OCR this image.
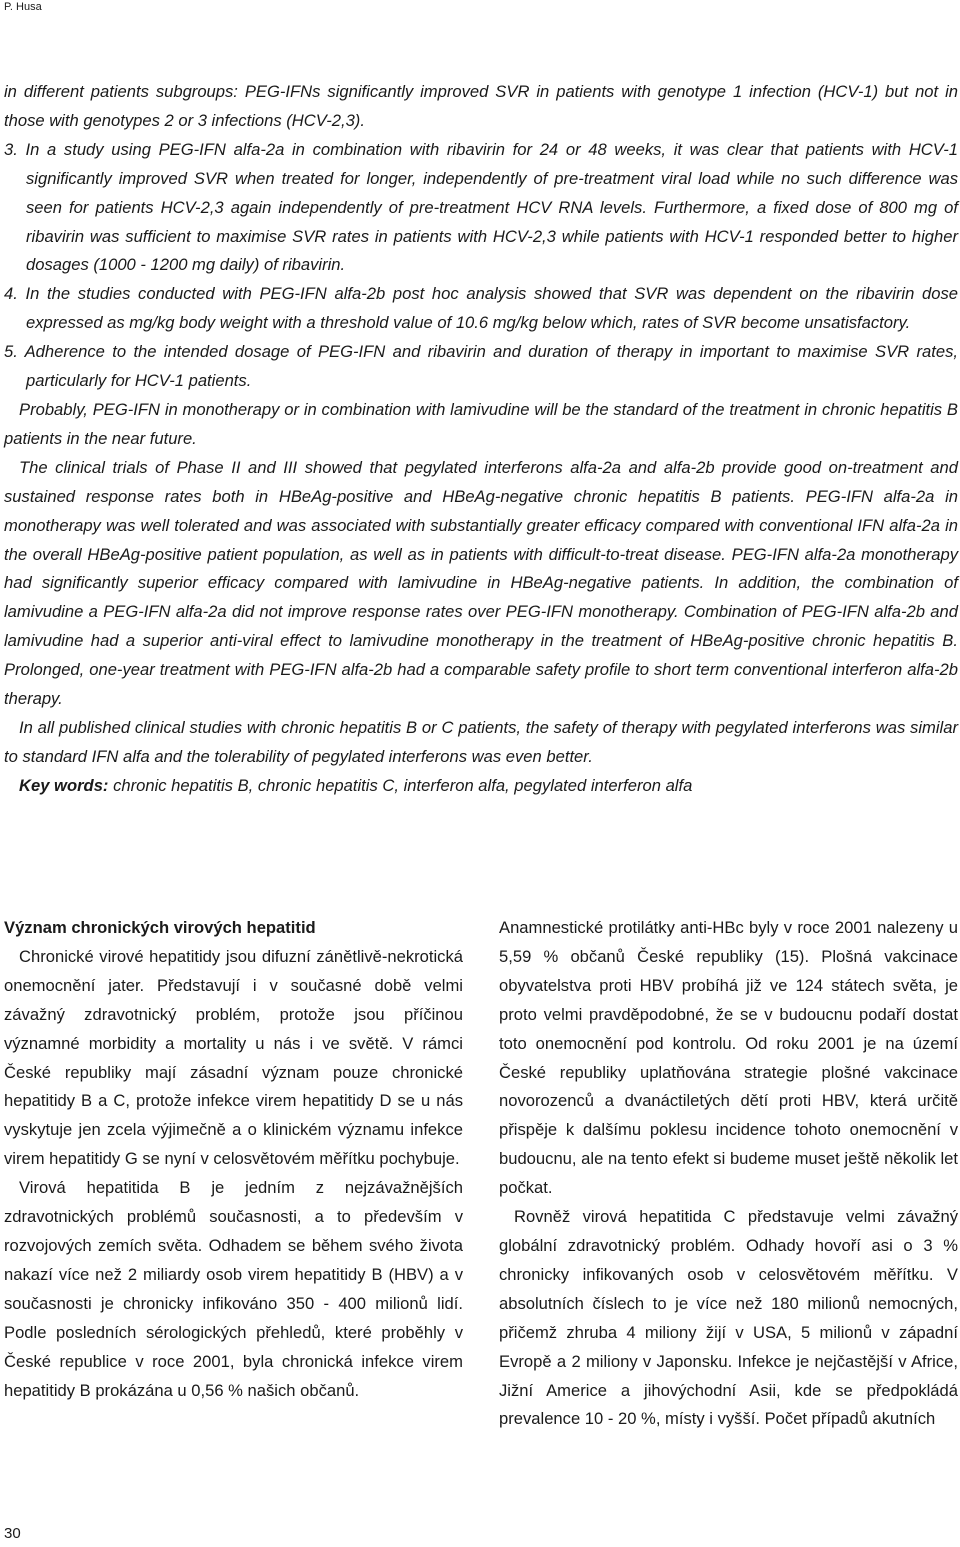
P. Husa

in different patients subgroups: PEG-IFNs significantly improved SVR in patients with genotype 1 infection (HCV-1) but not in those with genotypes 2 or 3 infections (HCV-2,3).

3. In a study using PEG-IFN alfa-2a in combination with ribavirin for 24 or 48 weeks, it was clear that patients with HCV-1 significantly improved SVR when treated for longer, independently of pre-treatment viral load while no such difference was seen for patients HCV-2,3 again independently of pre-treatment HCV RNA levels. Furthermore, a fixed dose of 800 mg of ribavirin was sufficient to maximise SVR rates in patients with HCV-2,3 while patients with HCV-1 responded better to higher dosages (1000 - 1200 mg daily) of ribavirin.

4. In the studies conducted with PEG-IFN alfa-2b post hoc analysis showed that SVR was dependent on the ribavirin dose expressed as mg/kg body weight with a threshold value of 10.6 mg/kg below which, rates of SVR become unsatisfactory.

5. Adherence to the intended dosage of PEG-IFN and ribavirin and duration of therapy in important to maximise SVR rates, particularly for HCV-1 patients.

Probably, PEG-IFN in monotherapy or in combination with lamivudine will be the standard of the treatment in chronic hepatitis B patients in the near future.

The clinical trials of Phase II and III showed that pegylated interferons alfa-2a and alfa-2b provide good on-treatment and sustained response rates both in HBeAg-positive and HBeAg-negative chronic hepatitis B patients. PEG-IFN alfa-2a in monotherapy was well tolerated and was associated with substantially greater efficacy compared with conventional IFN alfa-2a in the overall HBeAg-positive patient population, as well as in patients with difficult-to-treat disease. PEG-IFN alfa-2a monotherapy had significantly superior efficacy compared with lamivudine in HBeAg-negative patients. In addition, the combination of lamivudine a PEG-IFN alfa-2a did not improve response rates over PEG-IFN monotherapy. Combination of PEG-IFN alfa-2b and lamivudine had a superior anti-viral effect to lamivudine monotherapy in the treatment of HBeAg-positive chronic hepatitis B. Prolonged, one-year treatment with PEG-IFN alfa-2b had a comparable safety profile to short term conventional interferon alfa-2b therapy.

In all published clinical studies with chronic hepatitis B or C patients, the safety of therapy with pegylated interferons was similar to standard IFN alfa and the tolerability of pegylated interferons was even better.

Key words: chronic hepatitis B, chronic hepatitis C, interferon alfa, pegylated interferon alfa

Význam chronických virových hepatitid

Chronické virové hepatitidy jsou difuzní zánětlivě-nekrotická onemocnění jater. Představují i v současné době velmi závažný zdravotnický problém, protože jsou příčinou významné morbidity a mortality u nás i ve světě. V rámci České republiky mají zásadní význam pouze chronické hepatitidy B a C, protože infekce virem hepatitidy D se u nás vyskytuje jen zcela výjimečně a o klinickém významu infekce virem hepatitidy G se nyní v celosvětovém měřítku pochybuje.

Virová hepatitida B je jedním z nejzávažnějších zdravotnických problémů současnosti, a to především v rozvojových zemích světa. Odhadem se během svého života nakazí více než 2 miliardy osob virem hepatitidy B (HBV) a v současnosti je chronicky infikováno 350 - 400 milionů lidí. Podle posledních sérologických přehledů, které proběhly v České republice v roce 2001, byla chronická infekce virem hepatitidy B prokázána u 0,56 % našich občanů.

Anamnestické protilátky anti-HBc byly v roce 2001 nalezeny u 5,59 % občanů České republiky (15). Plošná vakcinace obyvatelstva proti HBV probíhá již ve 124 státech světa, je proto velmi pravděpodobné, že se v budoucnu podaří dostat toto onemocnění pod kontrolu. Od roku 2001 je na území České republiky uplatňována strategie plošné vakcinace novorozenců a dvanáctiletých dětí proti HBV, která určitě přispěje k dalšímu poklesu incidence tohoto onemocnění v budoucnu, ale na tento efekt si budeme muset ještě několik let počkat.

Rovněž virová hepatitida C představuje velmi závažný globální zdravotnický problém. Odhady hovoří asi o 3 % chronicky infikovaných osob v celosvětovém měřítku. V absolutních číslech to je více než 180 milionů nemocných, přičemž zhruba 4 miliony žijí v USA, 5 milionů v západní Evropě a 2 miliony v Japonsku. Infekce je nejčastější v Africe, Jižní Americe a jihovýchodní Asii, kde se předpokládá prevalence 10 - 20 %, místy i vyšší. Počet případů akutních

30
